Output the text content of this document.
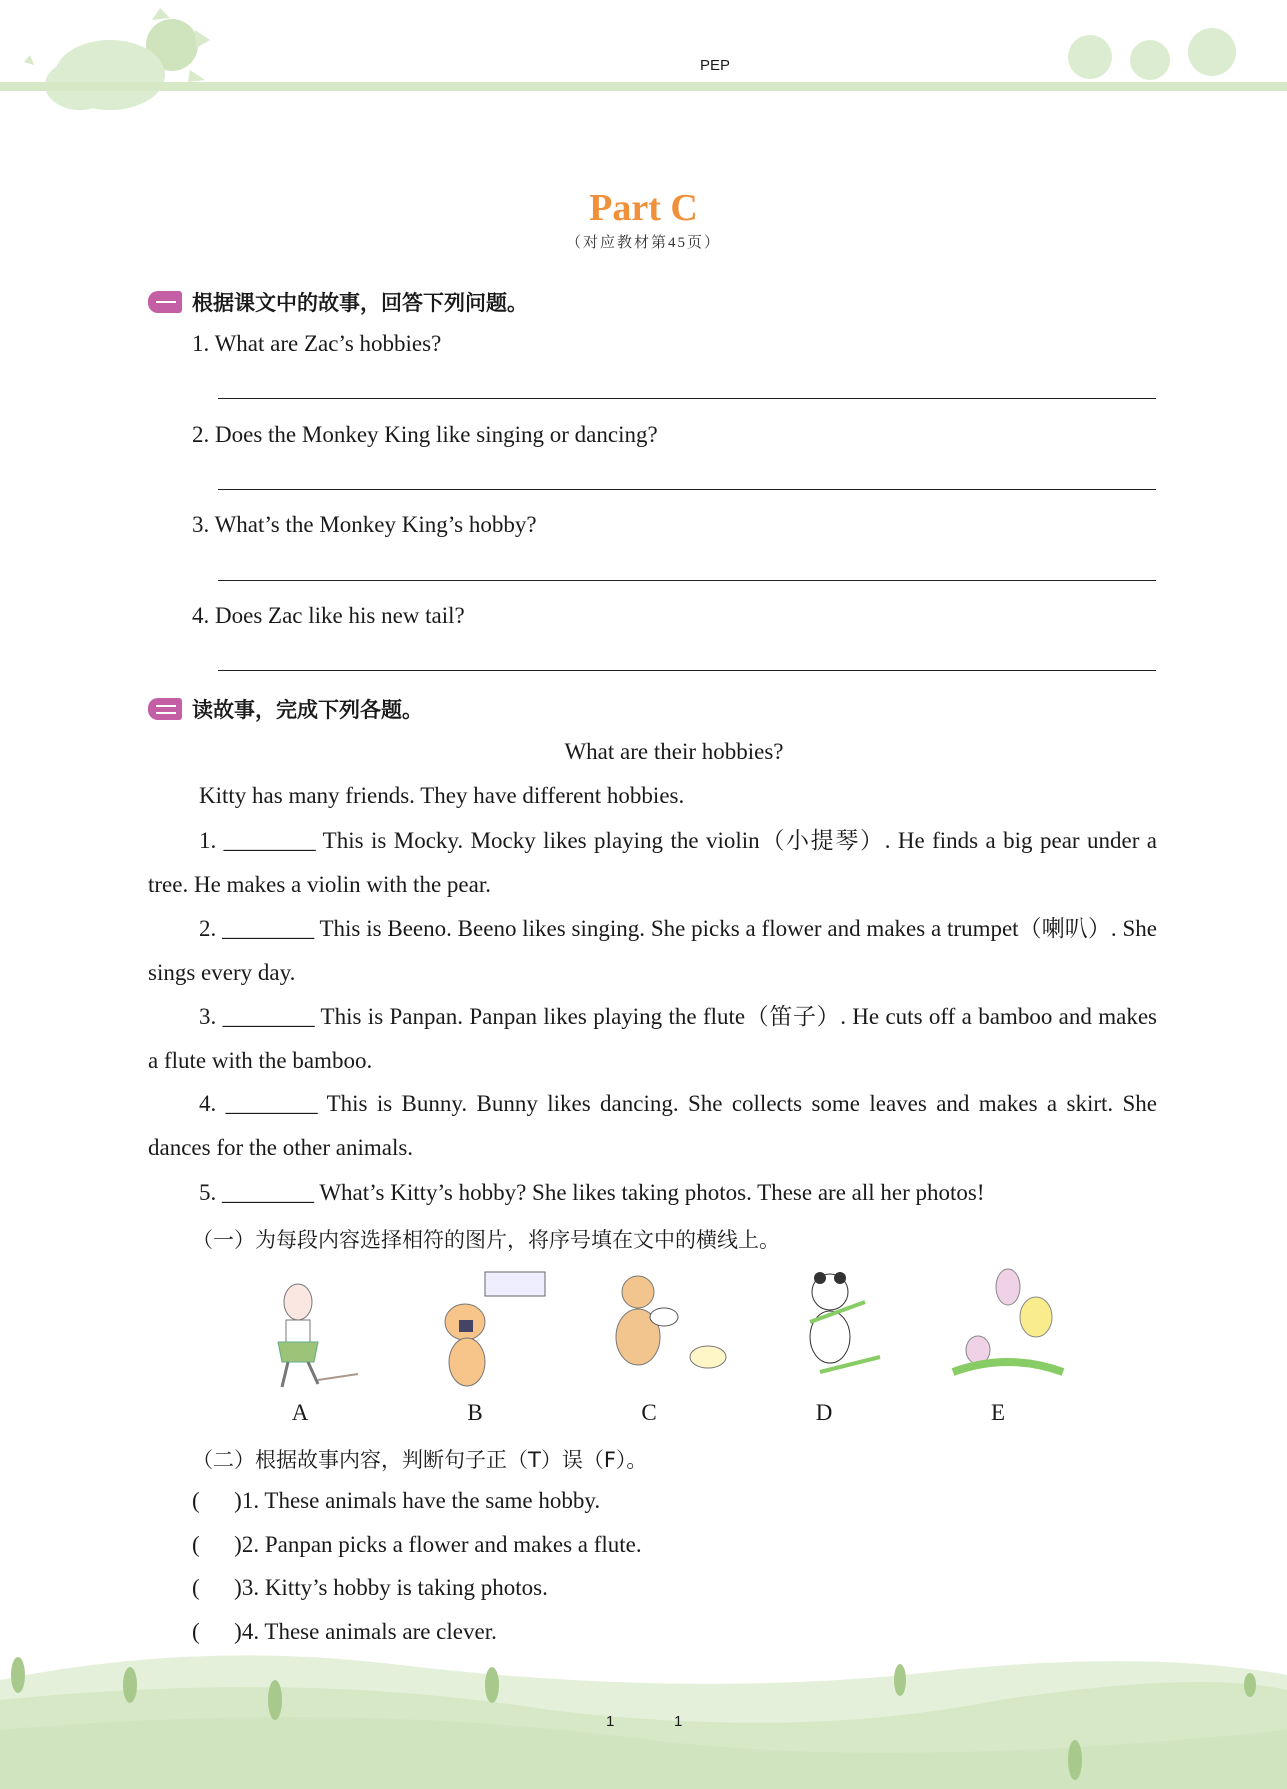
PEP
Part C
（对应教材第45页）
根据课文中的故事，回答下列问题。
1. What are Zac’s hobbies?
2. Does the Monkey King like singing or dancing?
3. What’s the Monkey King’s hobby?
4. Does Zac like his new tail?
读故事，完成下列各题。
What are their hobbies?
Kitty has many friends. They have different hobbies.
1. ________ This is Mocky. Mocky likes playing the violin（小提琴）. He finds a big pear under a tree. He makes a violin with the pear.
2. ________ This is Beeno. Beeno likes singing. She picks a flower and makes a trumpet（喇叭）. She sings every day.
3. ________ This is Panpan. Panpan likes playing the flute（笛子）. He cuts off a bamboo and makes a flute with the bamboo.
4. ________ This is Bunny. Bunny likes dancing. She collects some leaves and makes a skirt. She dances for the other animals.
5. ________ What’s Kitty’s hobby? She likes taking photos. These are all her photos!
（一）为每段内容选择相符的图片，将序号填在文中的横线上。
A	B	C	D	E
（二）根据故事内容，判断句子正（T）误（F）。
(      )1. These animals have the same hobby.
(      )2. Panpan picks a flower and makes a flute.
(      )3. Kitty’s hobby is taking photos.
(      )4. These animals are clever.
1	1
